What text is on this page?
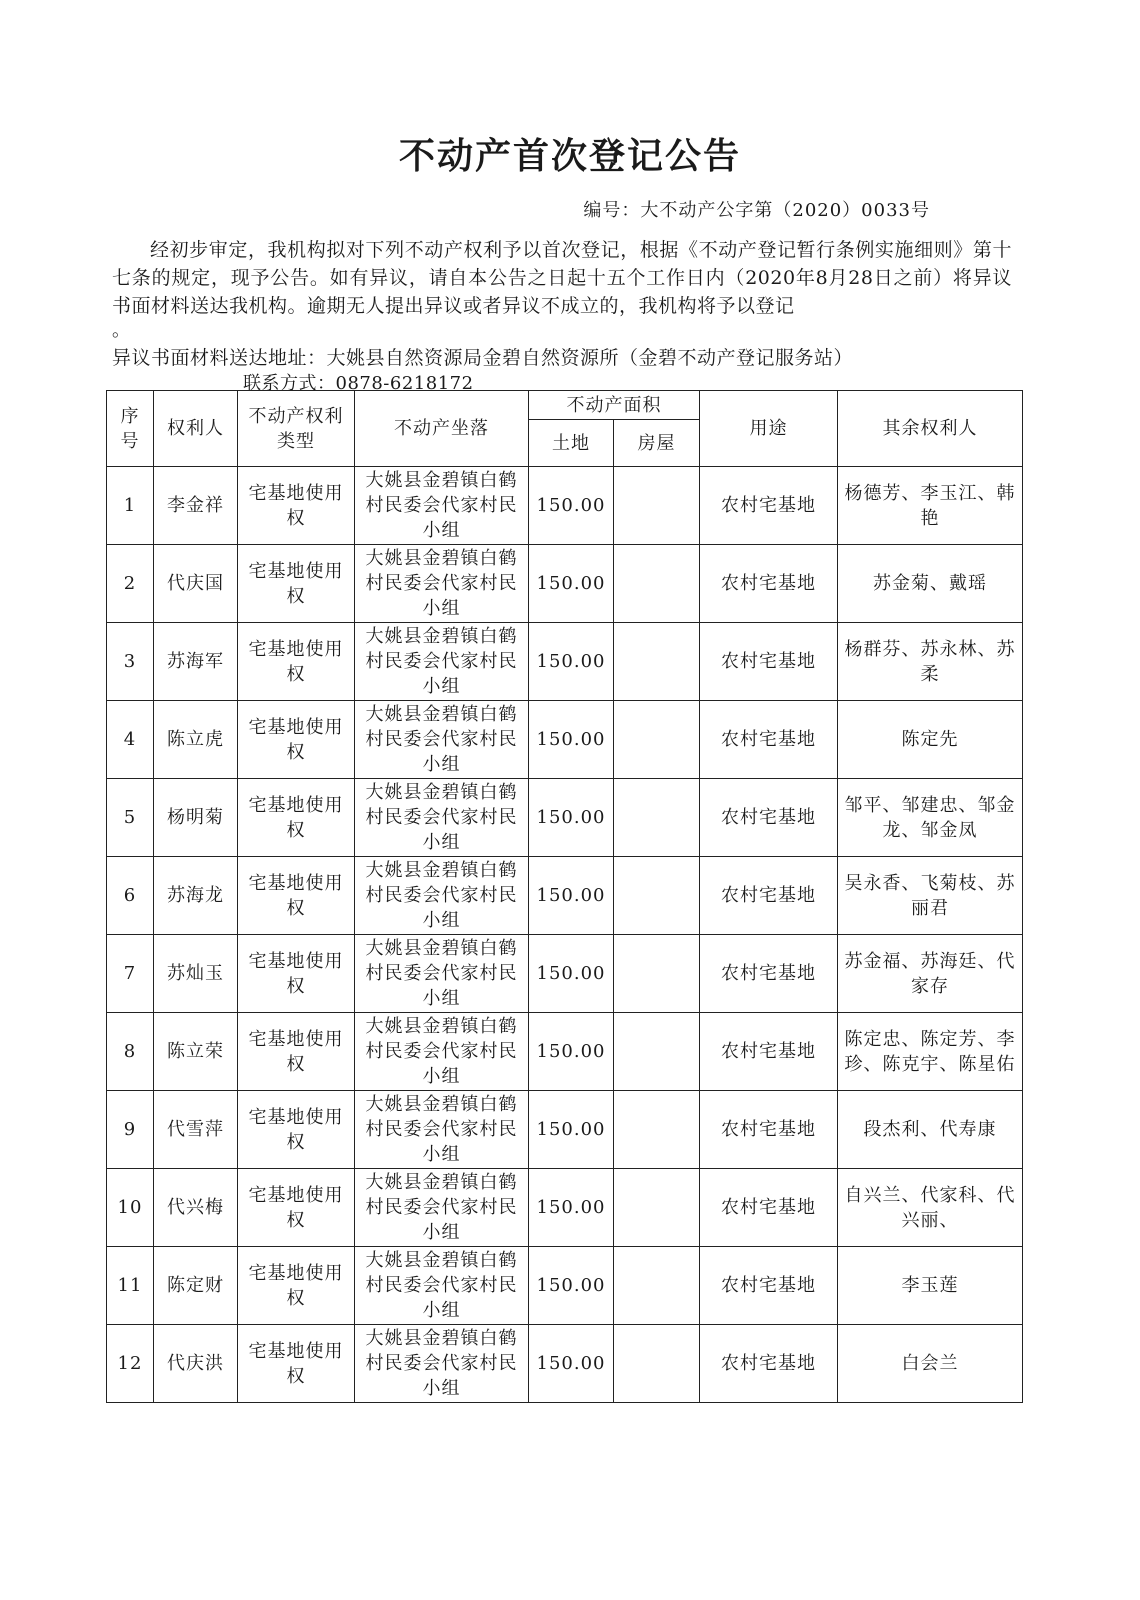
不动产首次登记公告
编号：大不动产公字第（2020）0033号

经初步审定，我机构拟对下列不动产权利予以首次登记，根据《不动产登记暂行条例实施细则》第十七条的规定，现予公告。如有异议，请自本公告之日起十五个工作日内（2020年8月28日之前）将异议书面材料送达我机构。逾期无人提出异议或者异议不成立的，我机构将予以登记

。
异议书面材料送达地址：大姚县自然资源局金碧自然资源所（金碧不动产登记服务站）
联系方式：0878-6218172
序号	权利人	不动产权利类型	不动产坐落	不动产面积		用途	其余权利人
				土地	房屋		
1	李金祥	宅基地使用权	大姚县金碧镇白鹤村民委会代家村民小组	150.00		农村宅基地	杨德芳、李玉江、韩艳
2	代庆国	宅基地使用权	大姚县金碧镇白鹤村民委会代家村民小组	150.00		农村宅基地	苏金菊、戴瑶
3	苏海军	宅基地使用权	大姚县金碧镇白鹤村民委会代家村民小组	150.00		农村宅基地	杨群芬、苏永林、苏柔
4	陈立虎	宅基地使用权	大姚县金碧镇白鹤村民委会代家村民小组	150.00		农村宅基地	陈定先
5	杨明菊	宅基地使用权	大姚县金碧镇白鹤村民委会代家村民小组	150.00		农村宅基地	邹平、邹建忠、邹金龙、邹金凤
6	苏海龙	宅基地使用权	大姚县金碧镇白鹤村民委会代家村民小组	150.00		农村宅基地	吴永香、飞菊枝、苏丽君
7	苏灿玉	宅基地使用权	大姚县金碧镇白鹤村民委会代家村民小组	150.00		农村宅基地	苏金福、苏海廷、代家存
8	陈立荣	宅基地使用权	大姚县金碧镇白鹤村民委会代家村民小组	150.00		农村宅基地	陈定忠、陈定芳、李珍、陈克宇、陈星佑
9	代雪萍	宅基地使用权	大姚县金碧镇白鹤村民委会代家村民小组	150.00		农村宅基地	段杰利、代寿康
10	代兴梅	宅基地使用权	大姚县金碧镇白鹤村民委会代家村民小组	150.00		农村宅基地	自兴兰、代家科、代兴丽、
11	陈定财	宅基地使用权	大姚县金碧镇白鹤村民委会代家村民小组	150.00		农村宅基地	李玉莲
12	代庆洪	宅基地使用权	大姚县金碧镇白鹤村民委会代家村民小组	150.00		农村宅基地	白会兰
